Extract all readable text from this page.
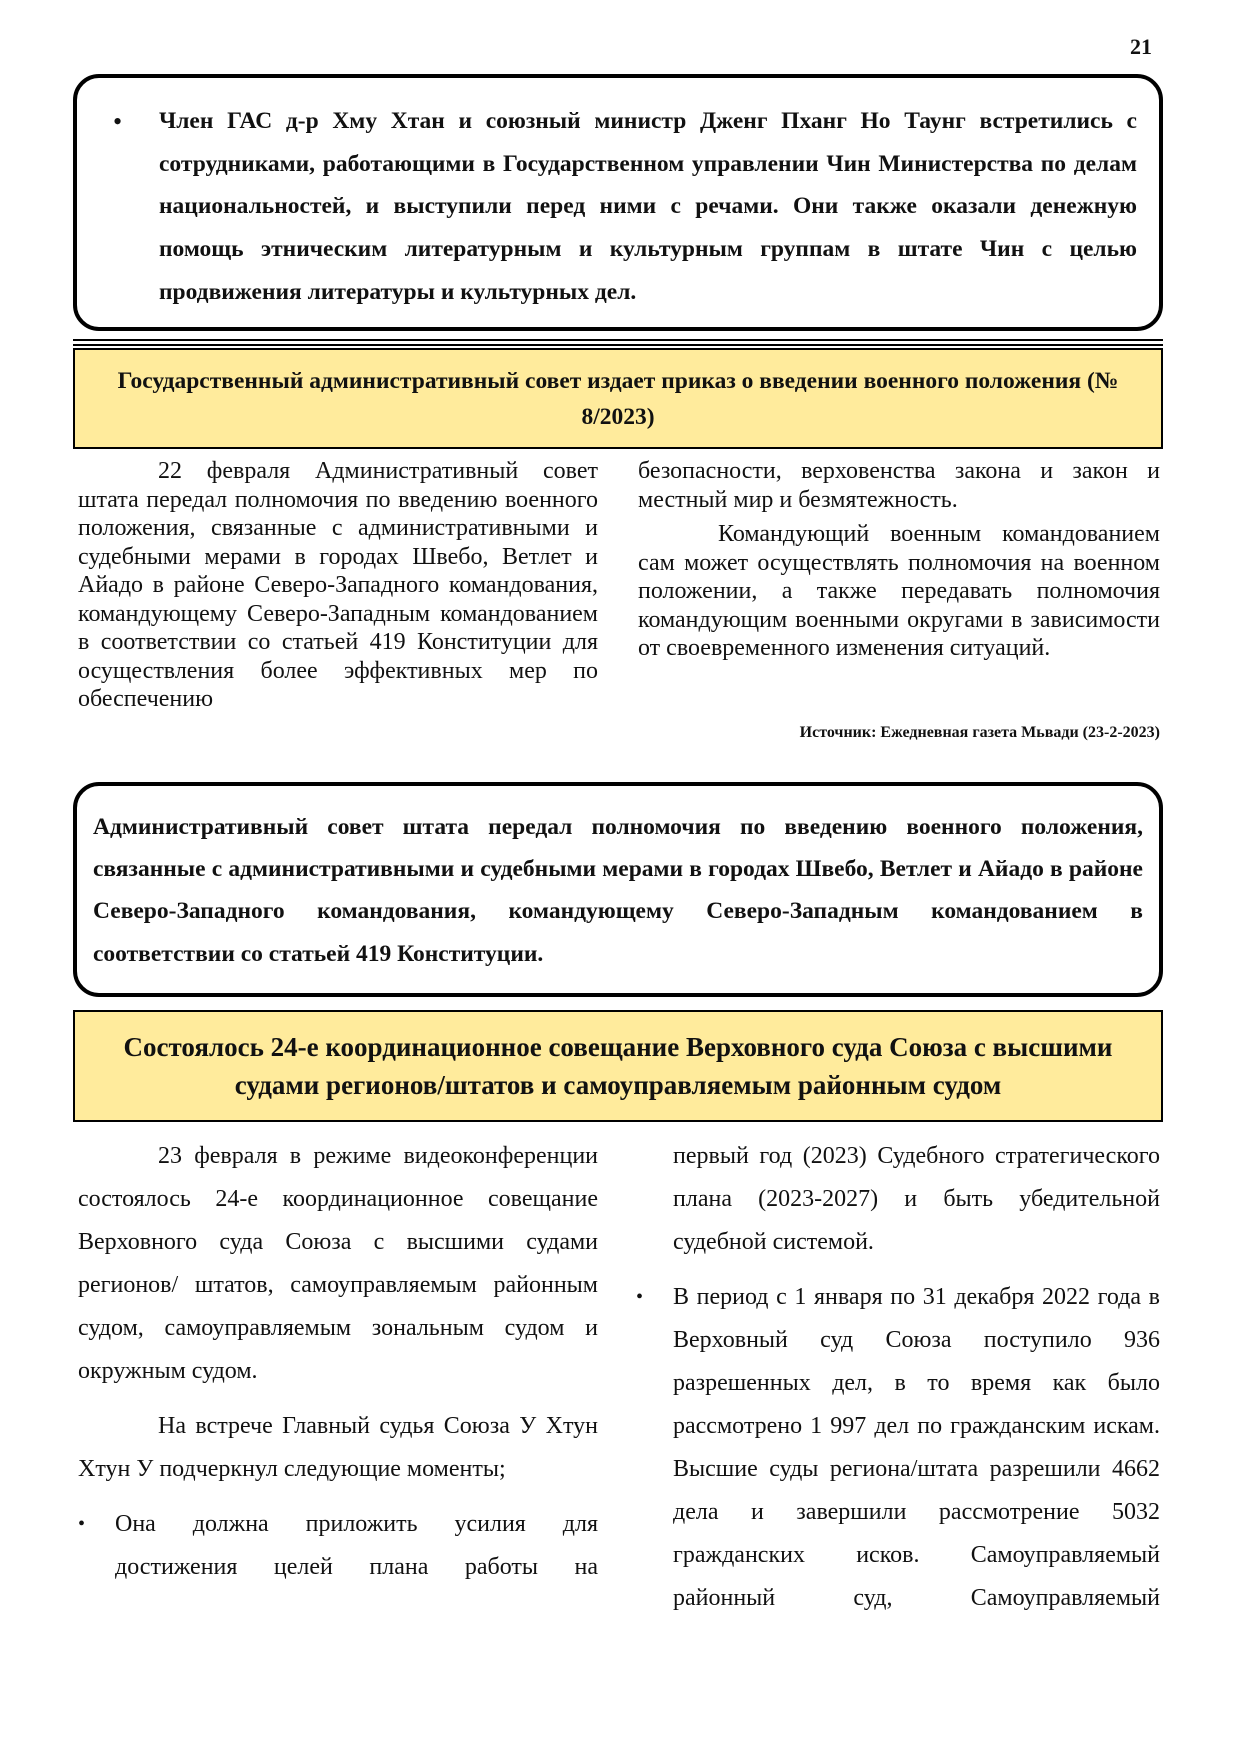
21
•	Член ГАС д-р Хму Хтан и союзный министр Дженг Пханг Но Таунг встретились с сотрудниками, работающими в Государственном управлении Чин Министерства по делам национальностей, и выступили перед ними с речами. Они также оказали денежную помощь этническим литературным и культурным группам в штате Чин с целью продвижения литературы и культурных дел.
Государственный административный совет издает приказ о введении военного положения (№ 8/2023)

22 февраля Административный совет штата передал полномочия по введению военного положения, связанные с административными и судебными мерами в городах Швебо, Ветлет и Айадо в районе Северо-Западного командования, командующему Северо-Западным командованием в соответствии со статьей 419 Конституции для осуществления более эффективных мер по обеспечению

безопасности, верховенства закона и закон и местный мир и безмятежность.

Командующий военным командованием сам может осуществлять полномочия на военном положении, а также передавать полномочия командующим военными округами в зависимости от своевременного изменения ситуаций.

Источник: Ежедневная газета Мьвади (23-2-2023)
Административный совет штата передал полномочия по введению военного положения, связанные с административными и судебными мерами в городах Швебо, Ветлет и Айадо в районе Северо-Западного командования, командующему Северо-Западным командованием в соответствии со статьей 419 Конституции.
Состоялось 24-е координационное совещание Верховного суда Союза с высшими судами регионов/штатов и самоуправляемым районным судом

23 февраля в режиме видеоконференции состоялось 24-е координационное совещание Верховного суда Союза с высшими судами регионов/ штатов, самоуправляемым районным судом, самоуправляемым зональным судом и окружным судом.

На встрече Главный судья Союза У Хтун Хтун У подчеркнул следующие моменты;

•	Она должна приложить усилия для достижения целей плана работы на

первый год (2023) Судебного стратегического плана (2023-2027) и быть убедительной судебной системой.

•	В период с 1 января по 31 декабря 2022 года в Верховный суд Союза поступило 936 разрешенных дел, в то время как было рассмотрено 1 997 дел по гражданским искам. Высшие суды региона/штата разрешили 4662 дела и завершили рассмотрение 5032 гражданских исков. Самоуправляемый районный суд, Самоуправляемый
